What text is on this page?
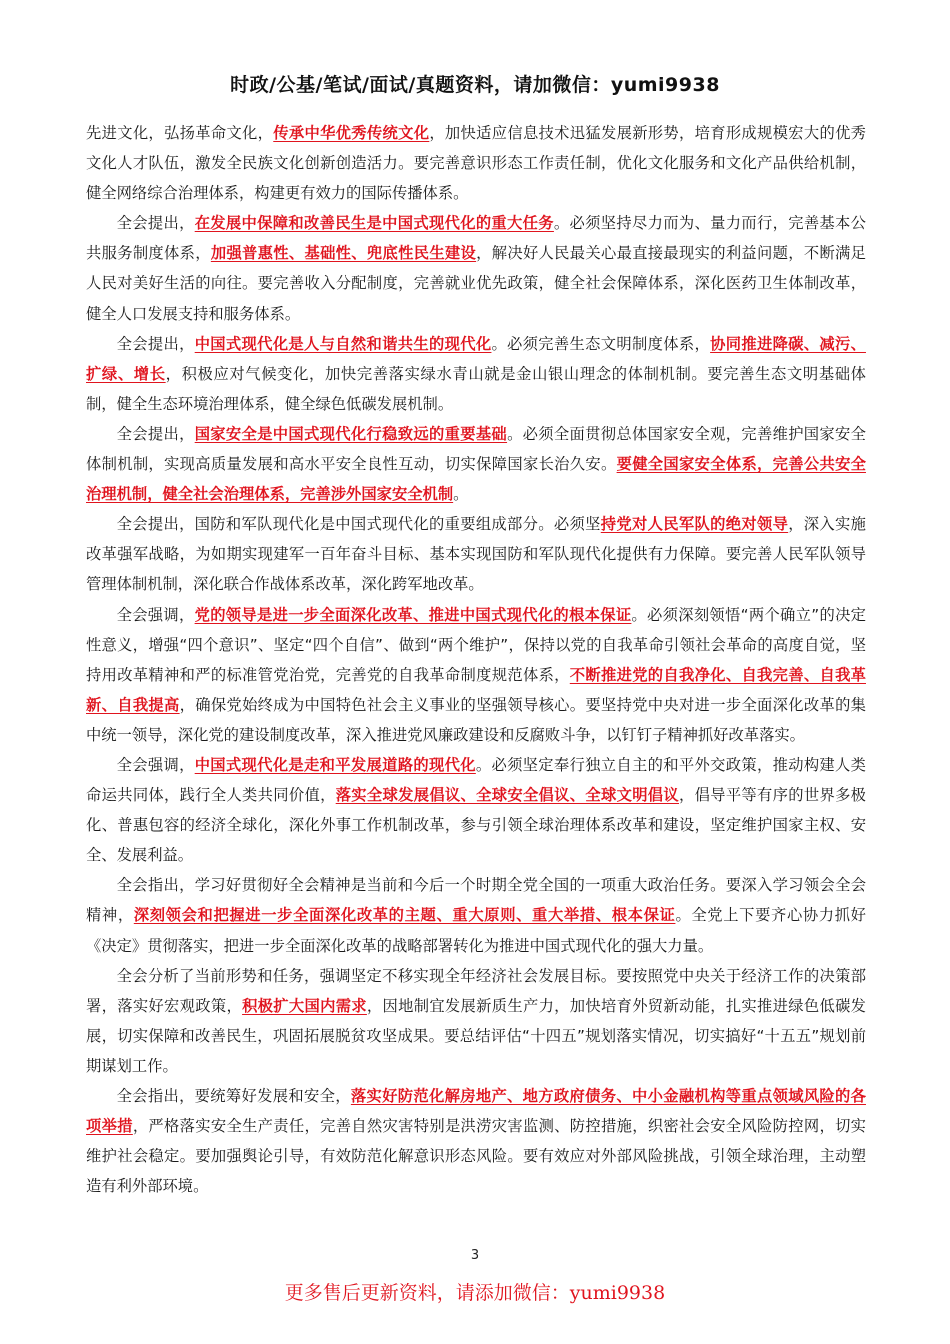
时政/公基/笔试/面试/真题资料，请加微信：yumi9938

先进文化，弘扬革命文化，传承中华优秀传统文化，加快适应信息技术迅猛发展新形势，培育形成规模宏大的优秀文化人才队伍，激发全民族文化创新创造活力。要完善意识形态工作责任制，优化文化服务和文化产品供给机制，健全网络综合治理体系，构建更有效力的国际传播体系。

全会提出，在发展中保障和改善民生是中国式现代化的重大任务。必须坚持尽力而为、量力而行，完善基本公共服务制度体系，加强普惠性、基础性、兜底性民生建设，解决好人民最关心最直接最现实的利益问题，不断满足人民对美好生活的向往。要完善收入分配制度，完善就业优先政策，健全社会保障体系，深化医药卫生体制改革，健全人口发展支持和服务体系。

全会提出，中国式现代化是人与自然和谐共生的现代化。必须完善生态文明制度体系，协同推进降碳、减污、扩绿、增长，积极应对气候变化，加快完善落实绿水青山就是金山银山理念的体制机制。要完善生态文明基础体制，健全生态环境治理体系，健全绿色低碳发展机制。

全会提出，国家安全是中国式现代化行稳致远的重要基础。必须全面贯彻总体国家安全观，完善维护国家安全体制机制，实现高质量发展和高水平安全良性互动，切实保障国家长治久安。要健全国家安全体系，完善公共安全治理机制，健全社会治理体系，完善涉外国家安全机制。

全会提出，国防和军队现代化是中国式现代化的重要组成部分。必须坚持党对人民军队的绝对领导，深入实施改革强军战略，为如期实现建军一百年奋斗目标、基本实现国防和军队现代化提供有力保障。要完善人民军队领导管理体制机制，深化联合作战体系改革，深化跨军地改革。

全会强调，党的领导是进一步全面深化改革、推进中国式现代化的根本保证。必须深刻领悟“两个确立”的决定性意义，增强“四个意识”、坚定“四个自信”、做到“两个维护”，保持以党的自我革命引领社会革命的高度自觉，坚持用改革精神和严的标准管党治党，完善党的自我革命制度规范体系，不断推进党的自我净化、自我完善、自我革新、自我提高，确保党始终成为中国特色社会主义事业的坚强领导核心。要坚持党中央对进一步全面深化改革的集中统一领导，深化党的建设制度改革，深入推进党风廉政建设和反腐败斗争，以钉钉子精神抓好改革落实。

全会强调，中国式现代化是走和平发展道路的现代化。必须坚定奉行独立自主的和平外交政策，推动构建人类命运共同体，践行全人类共同价值，落实全球发展倡议、全球安全倡议、全球文明倡议，倡导平等有序的世界多极化、普惠包容的经济全球化，深化外事工作机制改革，参与引领全球治理体系改革和建设，坚定维护国家主权、安全、发展利益。

全会指出，学习好贯彻好全会精神是当前和今后一个时期全党全国的一项重大政治任务。要深入学习领会全会精神，深刻领会和把握进一步全面深化改革的主题、重大原则、重大举措、根本保证。全党上下要齐心协力抓好《决定》贯彻落实，把进一步全面深化改革的战略部署转化为推进中国式现代化的强大力量。

全会分析了当前形势和任务，强调坚定不移实现全年经济社会发展目标。要按照党中央关于经济工作的决策部署，落实好宏观政策，积极扩大国内需求，因地制宜发展新质生产力，加快培育外贸新动能，扎实推进绿色低碳发展，切实保障和改善民生，巩固拓展脱贫攻坚成果。要总结评估“十四五”规划落实情况，切实搞好“十五五”规划前期谋划工作。

全会指出，要统筹好发展和安全，落实好防范化解房地产、地方政府债务、中小金融机构等重点领域风险的各项举措，严格落实安全生产责任，完善自然灾害特别是洪涝灾害监测、防控措施，织密社会安全风险防控网，切实维护社会稳定。要加强舆论引导，有效防范化解意识形态风险。要有效应对外部风险挑战，引领全球治理，主动塑造有利外部环境。

3
更多售后更新资料，请添加微信：yumi9938
